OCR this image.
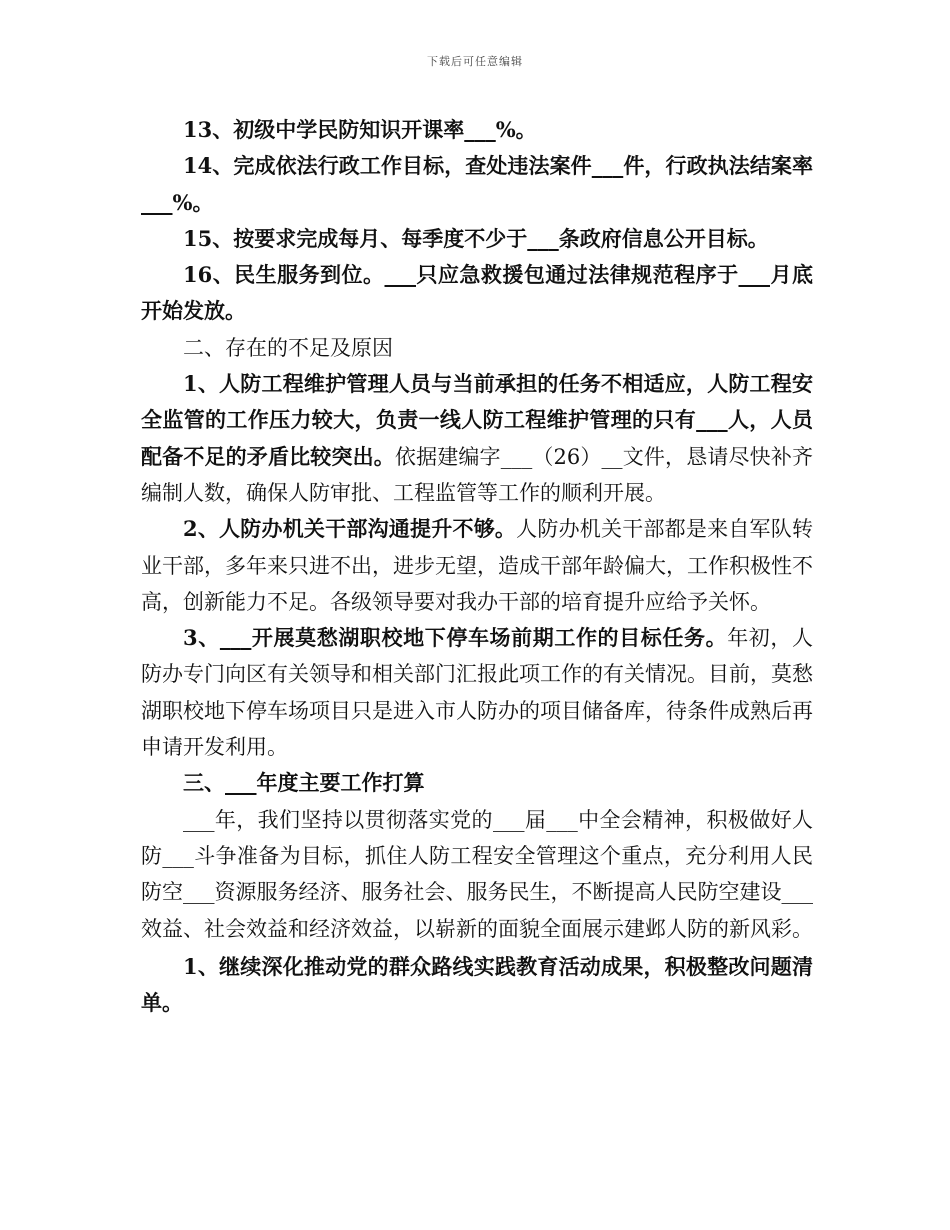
下载后可任意编辑

13、初级中学民防知识开课率___%。

14、完成依法行政工作目标，查处违法案件___件，行政执法结案率___%。

15、按要求完成每月、每季度不少于___条政府信息公开目标。

16、民生服务到位。___只应急救援包通过法律规范程序于___月底开始发放。

二、存在的不足及原因

1、人防工程维护管理人员与当前承担的任务不相适应，人防工程安全监管的工作压力较大，负责一线人防工程维护管理的只有___人，人员配备不足的矛盾比较突出。依据建编字___（26）__文件，恳请尽快补齐编制人数，确保人防审批、工程监管等工作的顺利开展。

2、人防办机关干部沟通提升不够。人防办机关干部都是来自军队转业干部，多年来只进不出，进步无望，造成干部年龄偏大，工作积极性不高，创新能力不足。各级领导要对我办干部的培育提升应给予关怀。

3、___开展莫愁湖职校地下停车场前期工作的目标任务。年初，人防办专门向区有关领导和相关部门汇报此项工作的有关情况。目前，莫愁湖职校地下停车场项目只是进入市人防办的项目储备库，待条件成熟后再申请开发利用。

三、___年度主要工作打算

___年，我们坚持以贯彻落实党的___届___中全会精神，积极做好人防___斗争准备为目标，抓住人防工程安全管理这个重点，充分利用人民防空___资源服务经济、服务社会、服务民生，不断提高人民防空建设___效益、社会效益和经济效益，以崭新的面貌全面展示建邺人防的新风彩。

1、继续深化推动党的群众路线实践教育活动成果，积极整改问题清单。
